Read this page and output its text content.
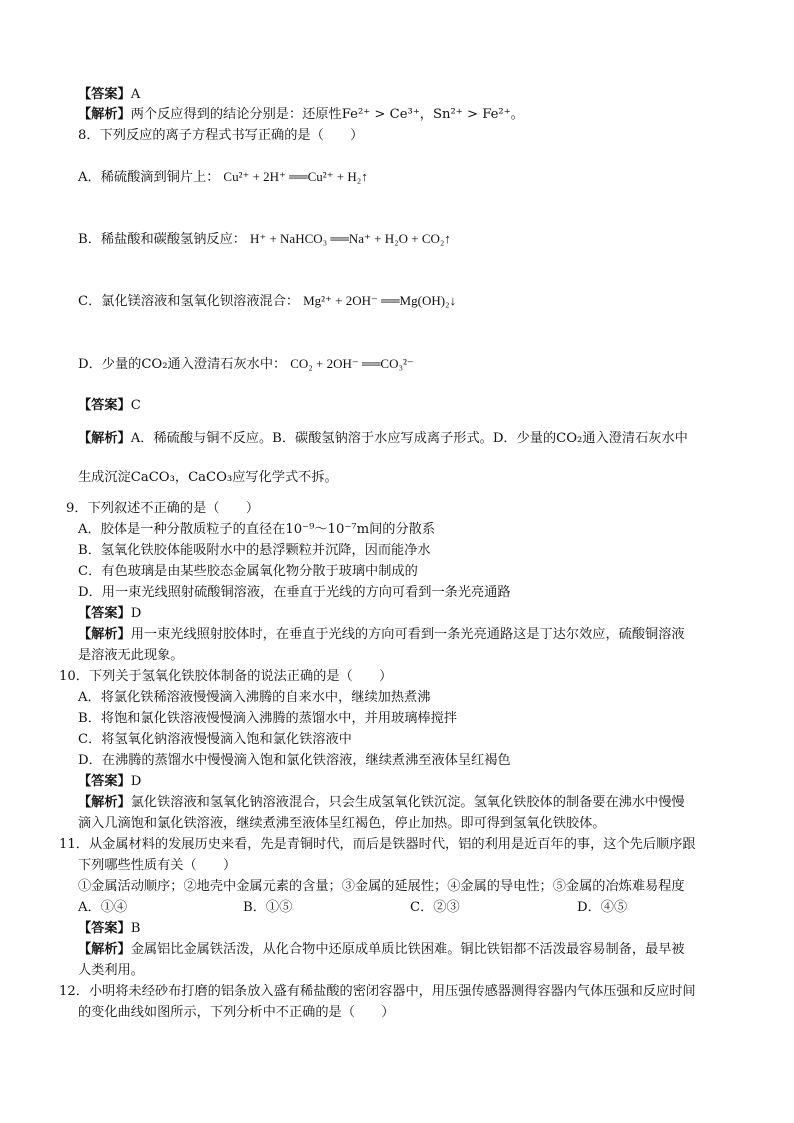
【答案】A
【解析】两个反应得到的结论分别是：还原性Fe²⁺ > Ce³⁺，Sn²⁺ > Fe²⁺。
8．下列反应的离子方程式书写正确的是（　　）
A．稀硫酸滴到铜片上： Cu²⁺ + 2H⁺ ══Cu²⁺ + H₂↑
B．稀盐酸和碳酸氢钠反应： H⁺ + NaHCO₃ ══Na⁺ + H₂O + CO₂↑
C．氯化镁溶液和氢氧化钡溶液混合： Mg²⁺ + 2OH⁻ ══Mg(OH)₂↓
D．少量的CO₂通入澄清石灰水中： CO₂ + 2OH⁻ ══CO₃²⁻
【答案】C
【解析】A．稀硫酸与铜不反应。B．碳酸氢钠溶于水应写成离子形式。D．少量的CO₂通入澄清石灰水中
生成沉淀CaCO₃，CaCO₃应写化学式不拆。
9．下列叙述不正确的是（　　）
A．胶体是一种分散质粒子的直径在10⁻⁹～10⁻⁷m间的分散系
B．氢氧化铁胶体能吸附水中的悬浮颗粒并沉降，因而能净水
C．有色玻璃是由某些胶态金属氧化物分散于玻璃中制成的
D．用一束光线照射硫酸铜溶液，在垂直于光线的方向可看到一条光亮通路
【答案】D
【解析】用一束光线照射胶体时，在垂直于光线的方向可看到一条光亮通路这是丁达尔效应，硫酸铜溶液
是溶液无此现象。
10．下列关于氢氧化铁胶体制备的说法正确的是（　　）
A．将氯化铁稀溶液慢慢滴入沸腾的自来水中，继续加热煮沸
B．将饱和氯化铁溶液慢慢滴入沸腾的蒸馏水中，并用玻璃棒搅拌
C．将氢氧化钠溶液慢慢滴入饱和氯化铁溶液中
D．在沸腾的蒸馏水中慢慢滴入饱和氯化铁溶液，继续煮沸至液体呈红褐色
【答案】D
【解析】氯化铁溶液和氢氧化钠溶液混合，只会生成氢氧化铁沉淀。氢氧化铁胶体的制备要在沸水中慢慢
滴入几滴饱和氯化铁溶液，继续煮沸至液体呈红褐色，停止加热。即可得到氢氧化铁胶体。
11．从金属材料的发展历史来看，先是青铜时代，而后是铁器时代，铝的利用是近百年的事，这个先后顺序跟
下列哪些性质有关（　　）
①金属活动顺序；②地壳中金属元素的含量；③金属的延展性；④金属的导电性；⑤金属的冶炼难易程度
A．①④	B．①⑤	C．②③	D．④⑤
【答案】B
【解析】金属铝比金属铁活泼，从化合物中还原成单质比铁困难。铜比铁铝都不活泼最容易制备，最早被
人类利用。
12．小明将未经砂布打磨的铝条放入盛有稀盐酸的密闭容器中，用压强传感器测得容器内气体压强和反应时间
的变化曲线如图所示，下列分析中不正确的是（　　）
